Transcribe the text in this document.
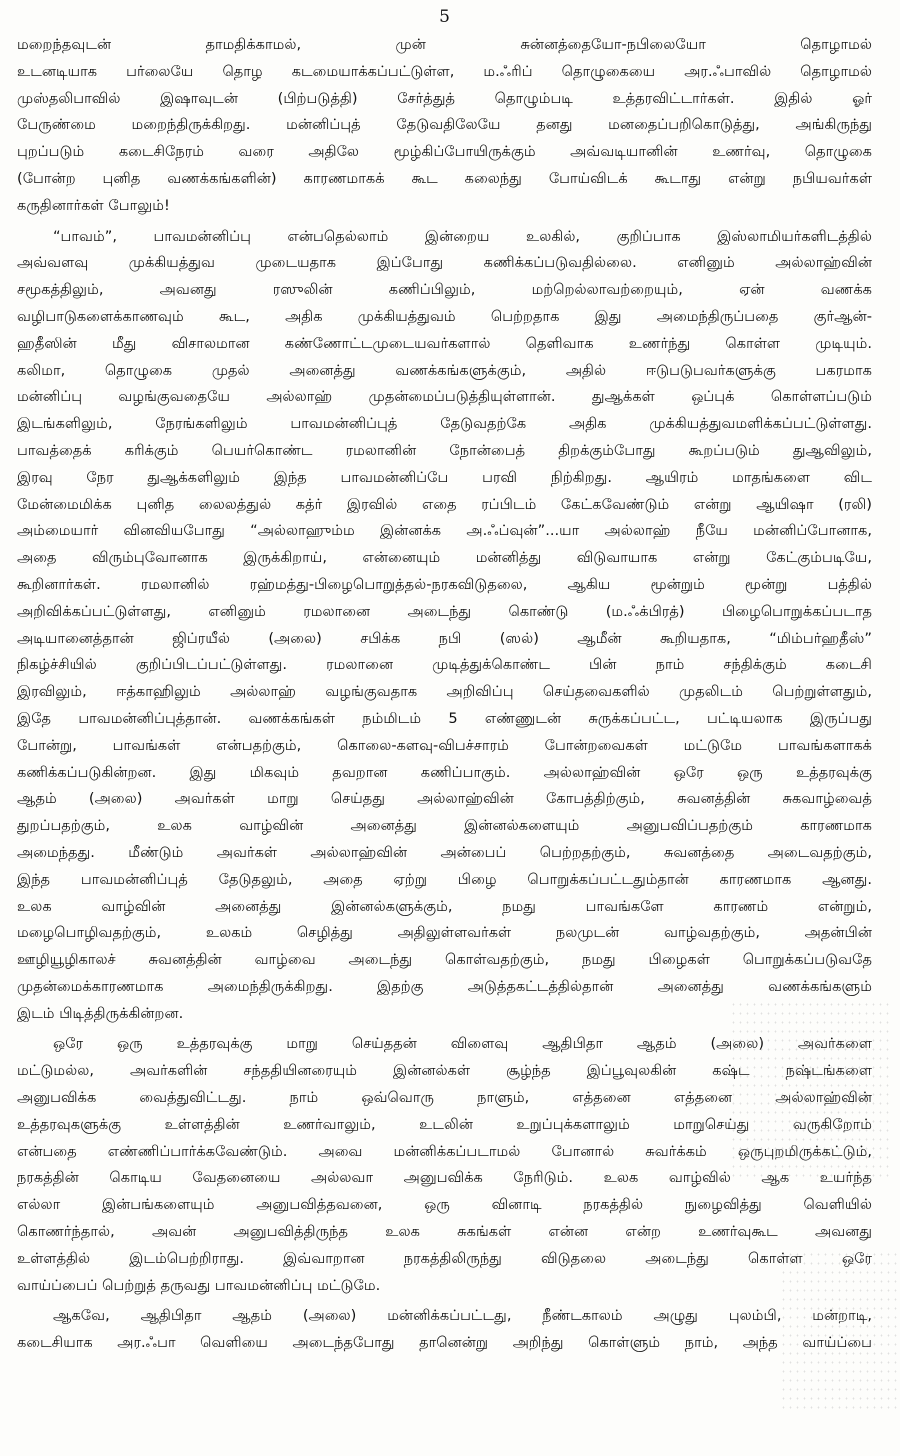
5
மறைந்தவுடன் தாமதிக்காமல், முன் சுன்னத்தையோ-நபிலையோ தொழாமல்
உடனடியாக பர்லையே தொழ கடமையாக்கப்பட்டுள்ள, ம.ஃரிப் தொழுகையை அர.ஃபாவில் தொழாமல்
முஸ்தலிபாவில் இஷாவுடன் (பிற்படுத்தி) சேர்த்துத் தொழும்படி உத்தரவிட்டார்கள். இதில் ஓர்
பேருண்மை மறைந்திருக்கிறது. மன்னிப்புத் தேடுவதிலேயே தனது மனதைப்பறிகொடுத்து, அங்கிருந்து
புறப்படும் கடைசிநேரம் வரை அதிலே மூழ்கிப்போயிருக்கும் அவ்வடியானின் உணர்வு, தொழுகை
(போன்ற புனித வணக்கங்களின்) காரணமாகக் கூட கலைந்து போய்விடக் கூடாது என்று நபியவர்கள்
கருதினார்கள் போலும்!
“பாவம்”, பாவமன்னிப்பு என்பதெல்லாம் இன்றைய உலகில், குறிப்பாக இஸ்லாமியர்களிடத்தில்
அவ்வளவு முக்கியத்துவ முடையதாக இப்போது கணிக்கப்படுவதில்லை. எனினும் அல்லாஹ்வின்
சமூகத்திலும், அவனது ரஸுலின் கணிப்பிலும், மற்றெல்லாவற்றையும், ஏன் வணக்க
வழிபாடுகளைக்காணவும் கூட, அதிக முக்கியத்துவம் பெற்றதாக இது அமைந்திருப்பதை குர்ஆன்-
ஹதீஸின் மீது விசாலமான கண்ணோட்டமுடையவர்களால் தெளிவாக உணர்ந்து கொள்ள முடியும்.
கலிமா, தொழுகை முதல் அனைத்து வணக்கங்களுக்கும், அதில் ஈடுபடுபவர்களுக்கு பகரமாக
மன்னிப்பு வழங்குவதையே அல்லாஹ் முதன்மைப்படுத்தியுள்ளான். துஆக்கள் ஒப்புக் கொள்ளப்படும்
இடங்களிலும், நேரங்களிலும் பாவமன்னிப்புத் தேடுவதற்கே அதிக முக்கியத்துவமளிக்கப்பட்டுள்ளது.
பாவத்தைக் கரிக்கும் பெயர்கொண்ட ரமலானின் நோன்பைத் திறக்கும்போது கூறப்படும் துஆவிலும்,
இரவு நேர துஆக்களிலும் இந்த பாவமன்னிப்பே பரவி நிற்கிறது. ஆயிரம் மாதங்களை விட
மேன்மைமிக்க புனித லைலத்துல் கத்ர் இரவில் எதை ரப்பிடம் கேட்கவேண்டும் என்று ஆயிஷா (ரலி)
அம்மையார் வினவியபோது “அல்லாஹும்ம இன்னக்க அ.ஃப்வுன்”...யா அல்லாஹ் நீயே மன்னிப்போனாக,
அதை விரும்புவோனாக இருக்கிறாய், என்னையும் மன்னித்து விடுவாயாக என்று கேட்கும்படியே,
கூறினார்கள். ரமலானில் ரஹ்மத்து-பிழைபொறுத்தல்-நரகவிடுதலை, ஆகிய மூன்றும் மூன்று பத்தில்
அறிவிக்கப்பட்டுள்ளது, எனினும் ரமலானை அடைந்து கொண்டு (ம.ஃக்பிரத்) பிழைபொறுக்கப்படாத
அடியானைத்தான் ஜிப்ரயீல் (அலை) சபிக்க நபி (ஸல்) ஆமீன் கூறியதாக, “மிம்பர்ஹதீஸ்”
நிகழ்ச்சியில் குறிப்பிடப்பட்டுள்ளது. ரமலானை முடித்துக்கொண்ட பின் நாம் சந்திக்கும் கடைசி
இரவிலும், ஈத்காஹிலும் அல்லாஹ் வழங்குவதாக அறிவிப்பு செய்தவைகளில் முதலிடம் பெற்றுள்ளதும்,
இதே பாவமன்னிப்புத்தான். வணக்கங்கள் நம்மிடம் 5 எண்ணுடன் சுருக்கப்பட்ட, பட்டியலாக இருப்பது
போன்று, பாவங்கள் என்பதற்கும், கொலை-களவு-விபச்சாரம் போன்றவைகள் மட்டுமே பாவங்களாகக்
கணிக்கப்படுகின்றன. இது மிகவும் தவறான கணிப்பாகும். அல்லாஹ்வின் ஒரே ஒரு உத்தரவுக்கு
ஆதம் (அலை) அவர்கள் மாறு செய்தது அல்லாஹ்வின் கோபத்திற்கும், சுவனத்தின் சுகவாழ்வைத்
துறப்பதற்கும், உலக வாழ்வின் அனைத்து இன்னல்களையும் அனுபவிப்பதற்கும் காரணமாக
அமைந்தது. மீண்டும் அவர்கள் அல்லாஹ்வின் அன்பைப் பெற்றதற்கும், சுவனத்தை அடைவதற்கும்,
இந்த பாவமன்னிப்புத் தேடுதலும், அதை ஏற்று பிழை பொறுக்கப்பட்டதும்தான் காரணமாக ஆனது.
உலக வாழ்வின் அனைத்து இன்னல்களுக்கும், நமது பாவங்களே காரணம் என்றும்,
மழைபொழிவதற்கும், உலகம் செழித்து அதிலுள்ளவர்கள் நலமுடன் வாழ்வதற்கும், அதன்பின்
ஊழியூழிகாலச் சுவனத்தின் வாழ்வை அடைந்து கொள்வதற்கும், நமது பிழைகள் பொறுக்கப்படுவதே
முதன்மைக்காரணமாக அமைந்திருக்கிறது. இதற்கு அடுத்தகட்டத்தில்தான் அனைத்து வணக்கங்களும்
இடம் பிடித்திருக்கின்றன.
ஒரே ஒரு உத்தரவுக்கு மாறு செய்ததன் விளைவு ஆதிபிதா ஆதம் (அலை) அவர்களை
மட்டுமல்ல, அவர்களின் சந்ததியினரையும் இன்னல்கள் சூழ்ந்த இப்பூவுலகின் கஷ்ட நஷ்டங்களை
அனுபவிக்க வைத்துவிட்டது. நாம் ஒவ்வொரு நாளும், எத்தனை எத்தனை அல்லாஹ்வின்
உத்தரவுகளுக்கு உள்ளத்தின் உணர்வாலும், உடலின் உறுப்புக்களாலும் மாறுசெய்து வருகிறோம்
என்பதை எண்ணிப்பார்க்கவேண்டும். அவை மன்னிக்கப்படாமல் போனால் சுவர்க்கம் ஒருபுறமிருக்கட்டும்,
நரகத்தின் கொடிய வேதனையை அல்லவா அனுபவிக்க நேரிடும். உலக வாழ்வில் ஆக உயர்ந்த
எல்லா இன்பங்களையும் அனுபவித்தவனை, ஒரு வினாடி நரகத்தில் நுழைவித்து வெளியில்
கொணர்ந்தால், அவன் அனுபவித்திருந்த உலக சுகங்கள் என்ன என்ற உணர்வுகூட அவனது
உள்ளத்தில் இடம்பெற்றிராது. இவ்வாறான நரகத்திலிருந்து விடுதலை அடைந்து கொள்ள ஒரே
வாய்ப்பைப் பெற்றுத் தருவது பாவமன்னிப்பு மட்டுமே.
ஆகவே, ஆதிபிதா ஆதம் (அலை) மன்னிக்கப்பட்டது, நீண்டகாலம் அழுது புலம்பி, மன்றாடி,
கடைசியாக அர.ஃபா வெளியை அடைந்தபோது தானென்று அறிந்து கொள்ளும் நாம், அந்த வாய்ப்பை
